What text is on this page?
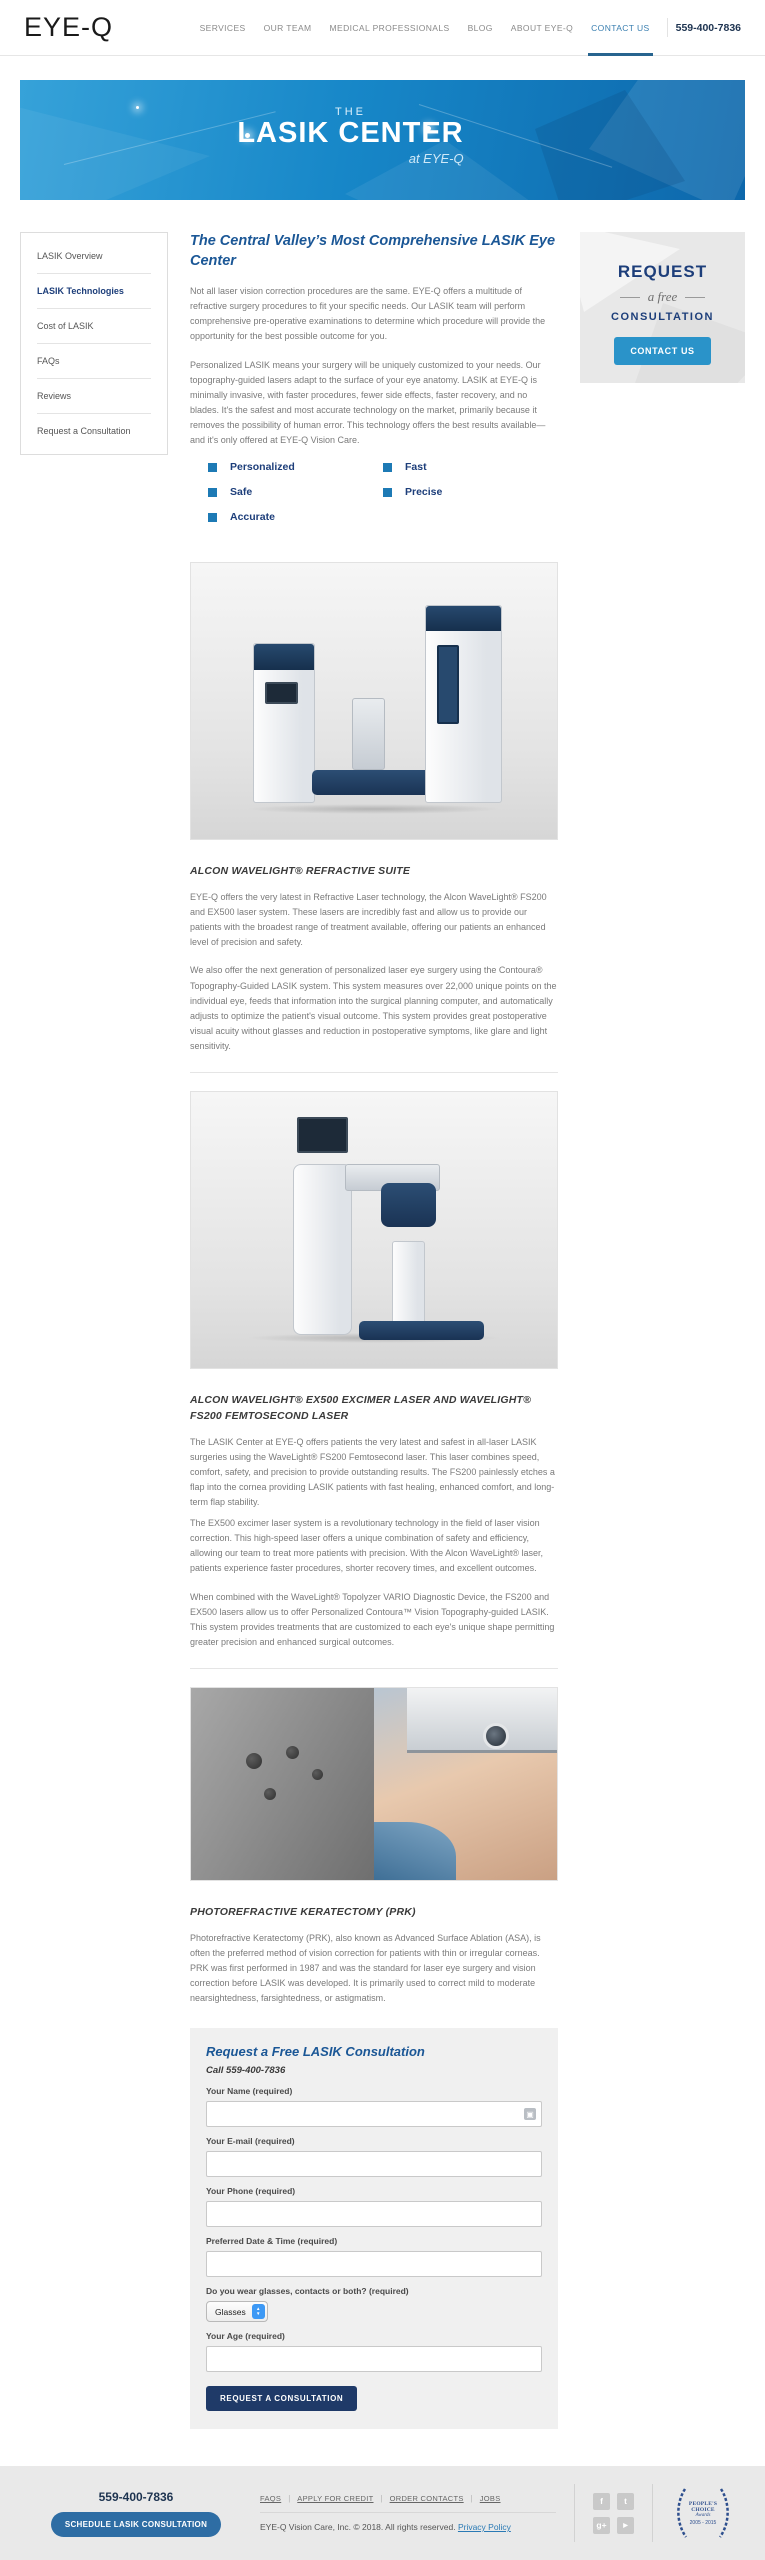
EYE-Q	SERVICES	OUR TEAM	MEDICAL PROFESSIONALS	BLOG	ABOUT EYE-Q	CONTACT US	559-400-7836
THE
LASIK CENTER
at EYE-Q
LASIK Overview
LASIK Technologies
Cost of LASIK
FAQs
Reviews
Request a Consultation
The Central Valley’s Most Comprehensive LASIK Eye Center

Not all laser vision correction procedures are the same. EYE-Q offers a multitude of refractive surgery procedures to fit your specific needs. Our LASIK team will perform comprehensive pre-operative examinations to determine which procedure will provide the opportunity for the best possible outcome for you.

Personalized LASIK means your surgery will be uniquely customized to your needs. Our topography-guided lasers adapt to the surface of your eye anatomy. LASIK at EYE-Q is minimally invasive, with faster procedures, fewer side effects, faster recovery, and no blades. It's the safest and most accurate technology on the market, primarily because it removes the possibility of human error. This technology offers the best results available—and it's only offered at EYE-Q Vision Care.

Personalized
Safe
Accurate
Fast
Precise
ALCON WAVELIGHT® REFRACTIVE SUITE

EYE-Q offers the very latest in Refractive Laser technology, the Alcon WaveLight® FS200 and EX500 laser system. These lasers are incredibly fast and allow us to provide our patients with the broadest range of treatment available, offering our patients an enhanced level of precision and safety.

We also offer the next generation of personalized laser eye surgery using the Contoura® Topography-Guided LASIK system. This system measures over 22,000 unique points on the individual eye, feeds that information into the surgical planning computer, and automatically adjusts to optimize the patient's visual outcome. This system provides great postoperative visual acuity without glasses and reduction in postoperative symptoms, like glare and light sensitivity.

ALCON WAVELIGHT® EX500 EXCIMER LASER AND WAVELIGHT® FS200 FEMTOSECOND LASER

The LASIK Center at EYE-Q offers patients the very latest and safest in all-laser LASIK surgeries using the WaveLight® FS200 Femtosecond laser. This laser combines speed, comfort, safety, and precision to provide outstanding results. The FS200 painlessly etches a flap into the cornea providing LASIK patients with fast healing, enhanced comfort, and long-term flap stability.

The EX500 excimer laser system is a revolutionary technology in the field of laser vision correction. This high-speed laser offers a unique combination of safety and efficiency, allowing our team to treat more patients with precision. With the Alcon WaveLight® laser, patients experience faster procedures, shorter recovery times, and excellent outcomes.

When combined with the WaveLight® Topolyzer VARIO Diagnostic Device, the FS200 and EX500 lasers allow us to offer Personalized Contoura™ Vision Topography-guided LASIK. This system provides treatments that are customized to each eye's unique shape permitting greater precision and enhanced surgical outcomes.

PHOTOREFRACTIVE KERATECTOMY (PRK)

Photorefractive Keratectomy (PRK), also known as Advanced Surface Ablation (ASA), is often the preferred method of vision correction for patients with thin or irregular corneas. PRK was first performed in 1987 and was the standard for laser eye surgery and vision correction before LASIK was developed. It is primarily used to correct mild to moderate nearsightedness, farsightedness, or astigmatism.

Request a Free LASIK Consultation
Call 559-400-7836
Your Name (required)
▣
Your E-mail (required)
Your Phone (required)
Preferred Date & Time (required)
Do you wear glasses, contacts or both? (required)
Glasses ▲
▼
Your Age (required)
REQUEST A CONSULTATION
REQUEST
a free
CONSULTATION
CONTACT US
559-400-7836
SCHEDULE LASIK CONSULTATION
FAQS | APPLY FOR CREDIT | ORDER CONTACTS | JOBS
EYE-Q Vision Care, Inc. © 2018. All rights reserved. Privacy Policy
f	t
g+	▶
PEOPLE'S CHOICE
Awards
2005 - 2015
